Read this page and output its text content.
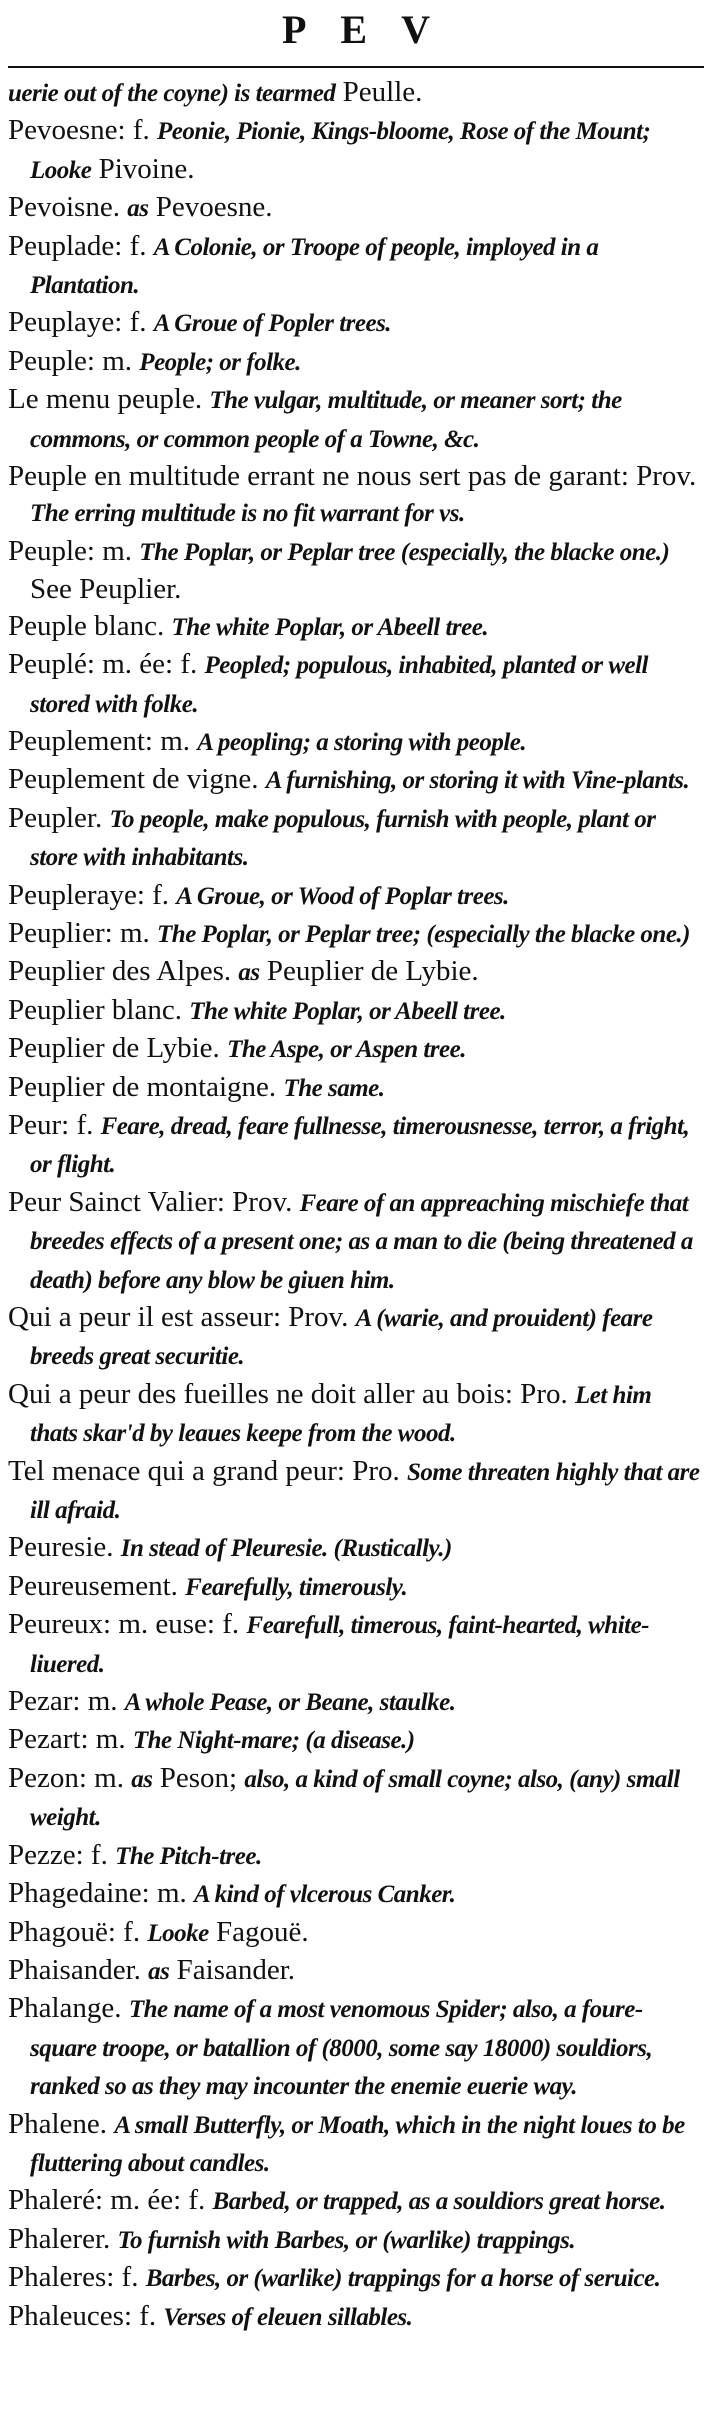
PEV
uerie out of the coyne) is tearmed Peulle.
Pevoesne: f. Peonie, Pionie, Kings-bloome, Rose of the Mount; Looke Pivoine.
Pevoisne. as Pevoesne.
Peuplade: f. A Colonie, or Troope of people, imployed in a Plantation.
Peuplaye: f. A Groue of Popler trees.
Peuple: m. People; or folke.
Le menu peuple. The vulgar, multitude, or meaner sort; the commons, or common people of a Towne, &c.
Peuple en multitude errant ne nous sert pas de garant: Prov. The erring multitude is no fit warrant for vs.
Peuple: m. The Poplar, or Peplar tree (especially, the blacke one.) See Peuplier.
Peuple blanc. The white Poplar, or Abeell tree.
Peuplé: m. ée: f. Peopled; populous, inhabited, planted or well stored with folke.
Peuplement: m. A peopling; a storing with people.
Peuplement de vigne. A furnishing, or storing it with Vine-plants.
Peupler. To people, make populous, furnish with people, plant or store with inhabitants.
Peupleraye: f. A Groue, or Wood of Poplar trees.
Peuplier: m. The Poplar, or Peplar tree; (especially the blacke one.)
Peuplier des Alpes. as Peuplier de Lybie.
Peuplier blanc. The white Poplar, or Abeell tree.
Peuplier de Lybie. The Aspe, or Aspen tree.
Peuplier de montaigne. The same.
Peur: f. Feare, dread, feare fullnesse, timerousnesse, terror, a fright, or flight.
Peur Sainct Valier: Prov. Feare of an appreaching mischiefe that breedes effects of a present one; as a man to die (being threatened a death) before any blow be giuen him.
Qui a peur il est asseur: Prov. A (warie, and prouident) feare breeds great securitie.
Qui a peur des fueilles ne doit aller au bois: Pro. Let him thats skar'd by leaues keepe from the wood.
Tel menace qui a grand peur: Pro. Some threaten highly that are ill afraid.
Peuresie. In stead of Pleuresie. (Rustically.)
Peureusement. Fearefully, timerously.
Peureux: m. euse: f. Fearefull, timerous, faint-hearted, white-liuered.
Pezar: m. A whole Pease, or Beane, staulke.
Pezart: m. The Night-mare; (a disease.)
Pezon: m. as Peson; also, a kind of small coyne; also, (any) small weight.
Pezze: f. The Pitch-tree.
Phagedaine: m. A kind of vlcerous Canker.
Phagouë: f. Looke Fagouë.
Phaisander. as Faisander.
Phalange. The name of a most venomous Spider; also, a foure-square troope, or batallion of (8000, some say 18000) souldiors, ranked so as they may incounter the enemie euerie way.
Phalene. A small Butterfly, or Moath, which in the night loues to be fluttering about candles.
Phaleré: m. ée: f. Barbed, or trapped, as a souldiors great horse.
Phalerer. To furnish with Barbes, or (warlike) trappings.
Phaleres: f. Barbes, or (warlike) trappings for a horse of seruice.
Phaleuces: f. Verses of eleuen sillables.
